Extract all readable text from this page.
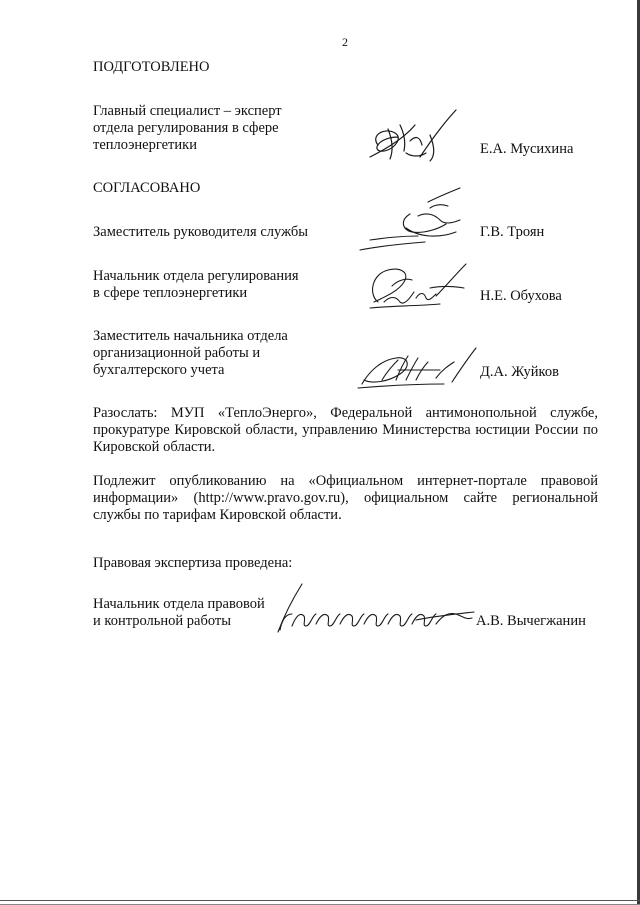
2
ПОДГОТОВЛЕНО
Главный специалист – эксперт
отдела регулирования в сфере
теплоэнергетики	Е.А. Мусихина
СОГЛАСОВАНО
Заместитель руководителя службы	Г.В. Троян
Начальник отдела регулирования
в сфере теплоэнергетики	Н.Е. Обухова
Заместитель начальника отдела
организационной работы и
бухгалтерского учета	Д.А. Жуйков
Разослать: МУП «ТеплоЭнерго», Федеральной антимонопольной службе, прокуратуре Кировской области, управлению Министерства юстиции России по Кировской области.
Подлежит опубликованию на «Официальном интернет-портале правовой информации» (http://www.pravo.gov.ru), официальном сайте региональной службы по тарифам Кировской области.
Правовая экспертиза проведена:
Начальник отдела правовой
и контрольной работы	А.В. Вычегжанин
